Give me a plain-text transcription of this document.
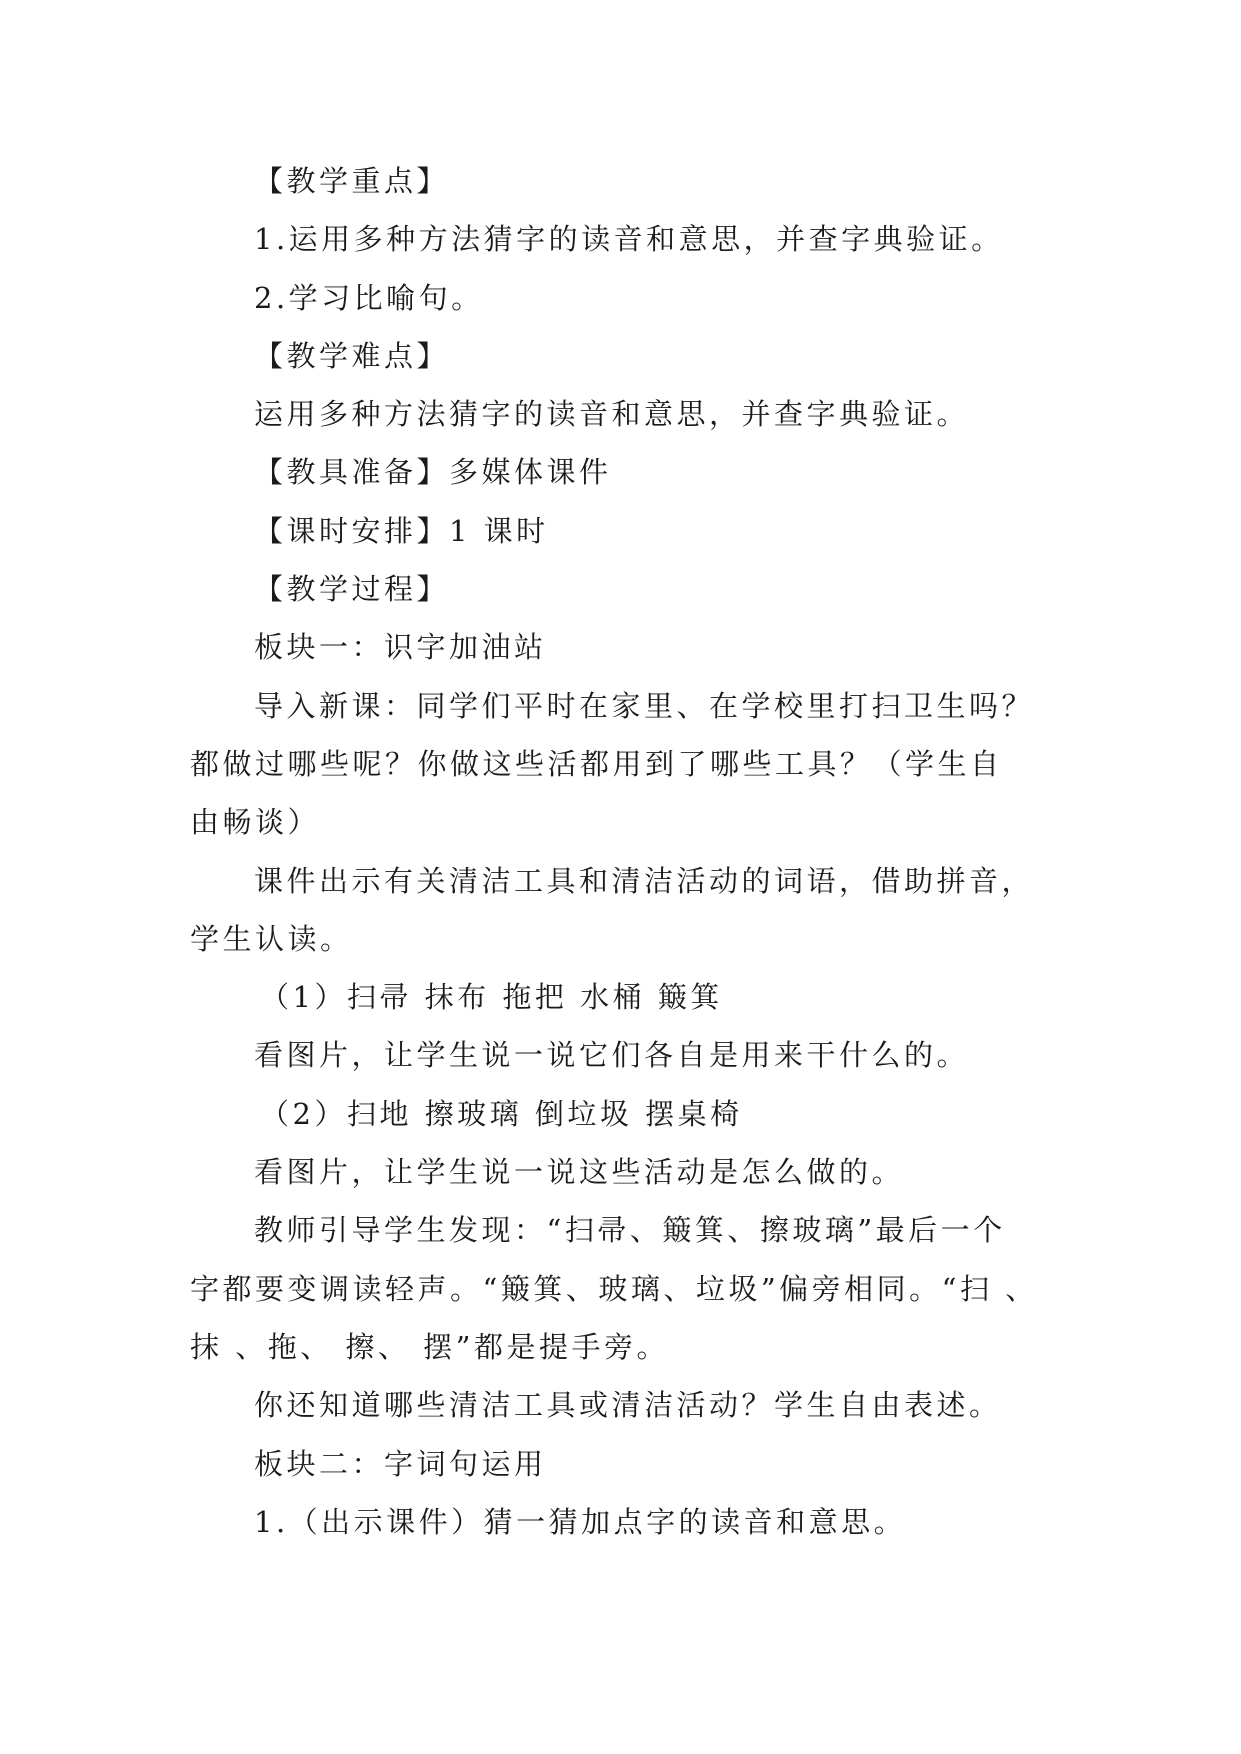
【教学重点】

1.运用多种方法猜字的读音和意思，并查字典验证。

2.学习比喻句。

【教学难点】

运用多种方法猜字的读音和意思，并查字典验证。

【教具准备】多媒体课件

【课时安排】1 课时

【教学过程】

板块一：识字加油站

导入新课：同学们平时在家里、在学校里打扫卫生吗？

都做过哪些呢？你做这些活都用到了哪些工具？（学生自

由畅谈）

课件出示有关清洁工具和清洁活动的词语，借助拼音，

学生认读。

（1）扫帚 抹布 拖把 水桶 簸箕

看图片，让学生说一说它们各自是用来干什么的。

（2）扫地 擦玻璃 倒垃圾 摆桌椅

看图片，让学生说一说这些活动是怎么做的。

教师引导学生发现：“扫帚、簸箕、擦玻璃”最后一个

字都要变调读轻声。“簸箕、玻璃、垃圾”偏旁相同。“扫 、

抹 、拖、 擦、 摆”都是提手旁。

你还知道哪些清洁工具或清洁活动？学生自由表述。

板块二：字词句运用

1.（出示课件）猜一猜加点字的读音和意思。
